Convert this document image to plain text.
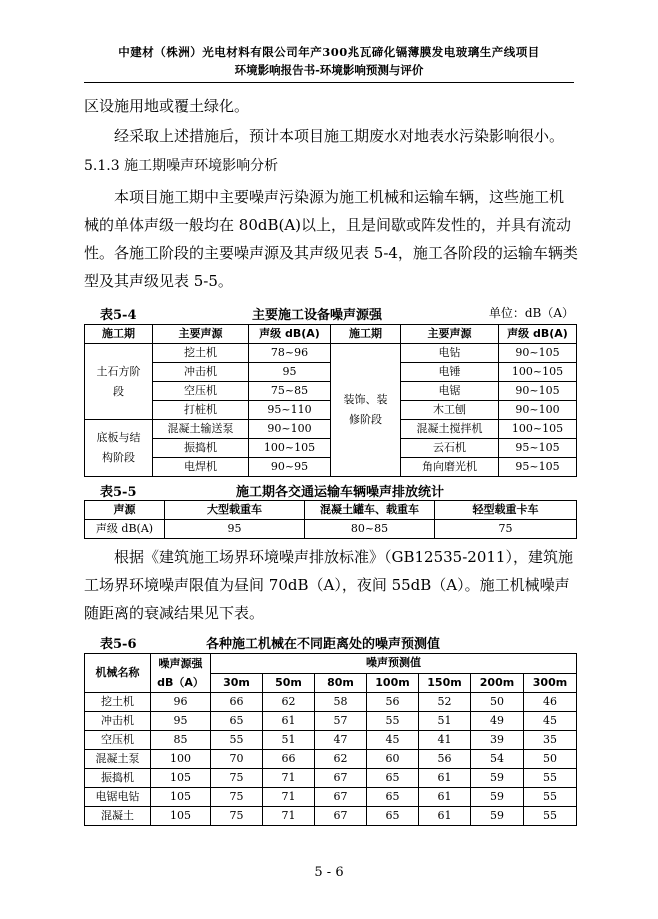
中建材（株洲）光电材料有限公司年产300兆瓦碲化镉薄膜发电玻璃生产线项目
环境影响报告书-环境影响预测与评价
区设施用地或覆土绿化。
经采取上述措施后，预计本项目施工期废水对地表水污染影响很小。
5.1.3 施工期噪声环境影响分析
本项目施工期中主要噪声污染源为施工机械和运输车辆，这些施工机械的单体声级一般均在 80dB(A)以上，且是间歇或阵发性的，并具有流动性。各施工阶段的主要噪声源及其声级见表 5-4，施工各阶段的运输车辆类型及其声级见表 5-5。
表5-4	主要施工设备噪声源强	单位：dB（A）
施工期	主要声源	声级 dB(A)	施工期	主要声源	声级 dB(A)

土石方阶段	挖土机	78~96	装饰、装修阶段	电钻	90~105
	冲击机	95		电锤	100~105
	空压机	75~85		电锯	90~105
	打桩机	95~110		木工刨	90~100

底板与结构阶段	混凝土输送泵	90~100		混凝土搅拌机	100~105
	振捣机	100~105		云石机	95~105
	电焊机	90~95		角向磨光机	95~105
表5-5	施工期各交通运输车辆噪声排放统计
声源	大型载重车	混凝土罐车、载重车	轻型载重卡车
声级 dB(A)	95	80~85	75
根据《建筑施工场界环境噪声排放标准》（GB12535-2011），建筑施工场界环境噪声限值为昼间 70dB（A），夜间 55dB（A）。施工机械噪声随距离的衰减结果见下表。
表5-6	各种施工机械在不同距离处的噪声预测值
机械名称	噪声源强 dB（A）	噪声预测值						
		30m	50m	80m	100m	150m	200m	300m
挖土机	96	66	62	58	56	52	50	46
冲击机	95	65	61	57	55	51	49	45
空压机	85	55	51	47	45	41	39	35
混凝土泵	100	70	66	62	60	56	54	50
振捣机	105	75	71	67	65	61	59	55
电锯电钻	105	75	71	67	65	61	59	55
混凝土	105	75	71	67	65	61	59	55
5 - 6
